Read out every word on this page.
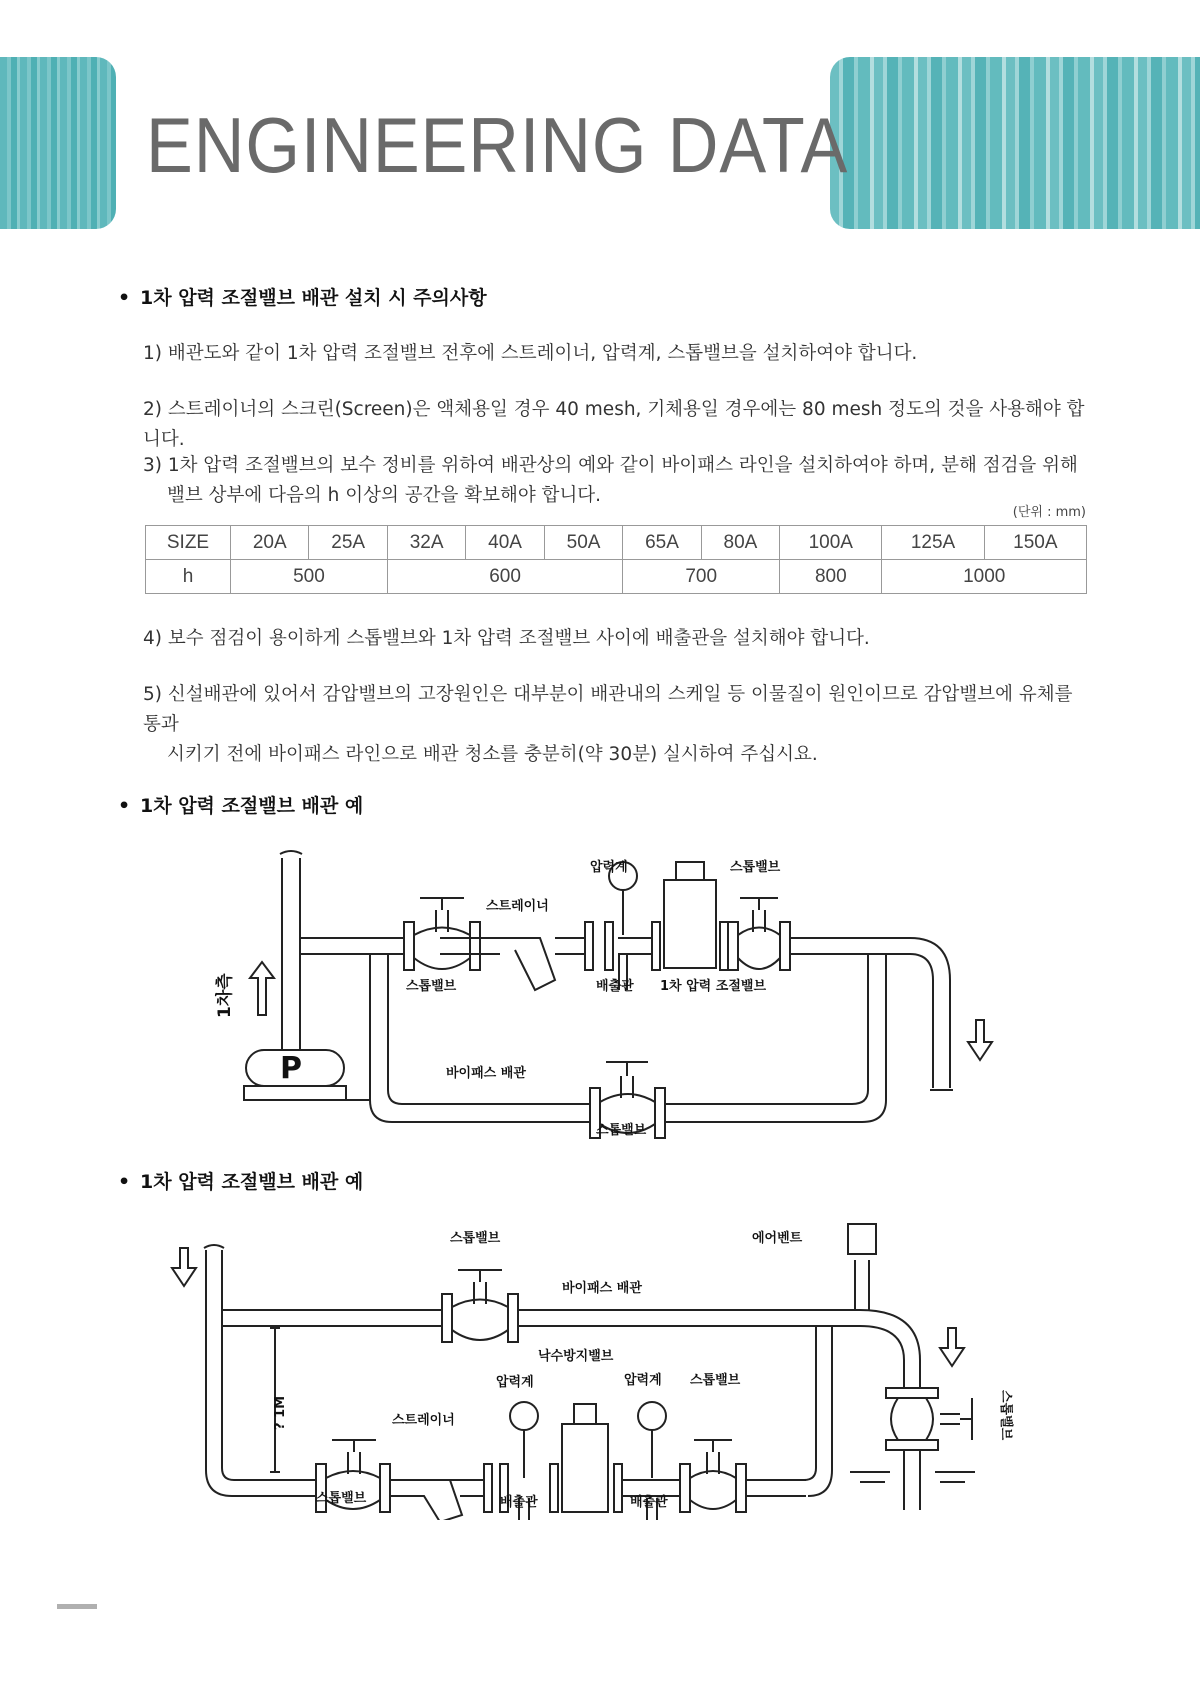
ENGINEERING DATA
• 1차 압력 조절밸브 배관 설치 시 주의사항
1) 배관도와 같이 1차 압력 조절밸브 전후에 스트레이너, 압력계, 스톱밸브을 설치하여야 합니다.
2) 스트레이너의 스크린(Screen)은 액체용일 경우 40 mesh, 기체용일 경우에는 80 mesh 정도의 것을 사용해야 합니다.
3) 1차 압력 조절밸브의 보수 정비를 위하여 배관상의 예와 같이 바이패스 라인을 설치하여야 하며, 분해 점검을 위해
밸브 상부에 다음의 h 이상의 공간을 확보해야 합니다.
(단위 : mm)
SIZE	20A	25A	32A	40A	50A	65A	80A	100A	125A	150A
h	500		600			700		800	1000	
4) 보수 점검이 용이하게 스톱밸브와 1차 압력 조절밸브 사이에 배출관을 설치해야 합니다.
5) 신설배관에 있어서 감압밸브의 고장원인은 대부분이 배관내의 스케일 등 이물질이 원인이므로 감압밸브에 유체를 통과
시키기 전에 바이패스 라인으로 배관 청소를 충분히(약 30분) 실시하여 주십시요.
• 1차 압력 조절밸브 배관 예
압력계	스톱밸브
스트레이너
스톱밸브	배출관 1차 압력 조절밸브
1차측
P	바이패스 배관
스톱밸브
• 1차 압력 조절밸브 배관 예
스톱밸브	에어벤트
바이패스 배관
낙수방지밸브
압력계	압력계 스톱밸브
스트레이너
스톱밸브	배출관	배출관
? 1M	스톱밸브
